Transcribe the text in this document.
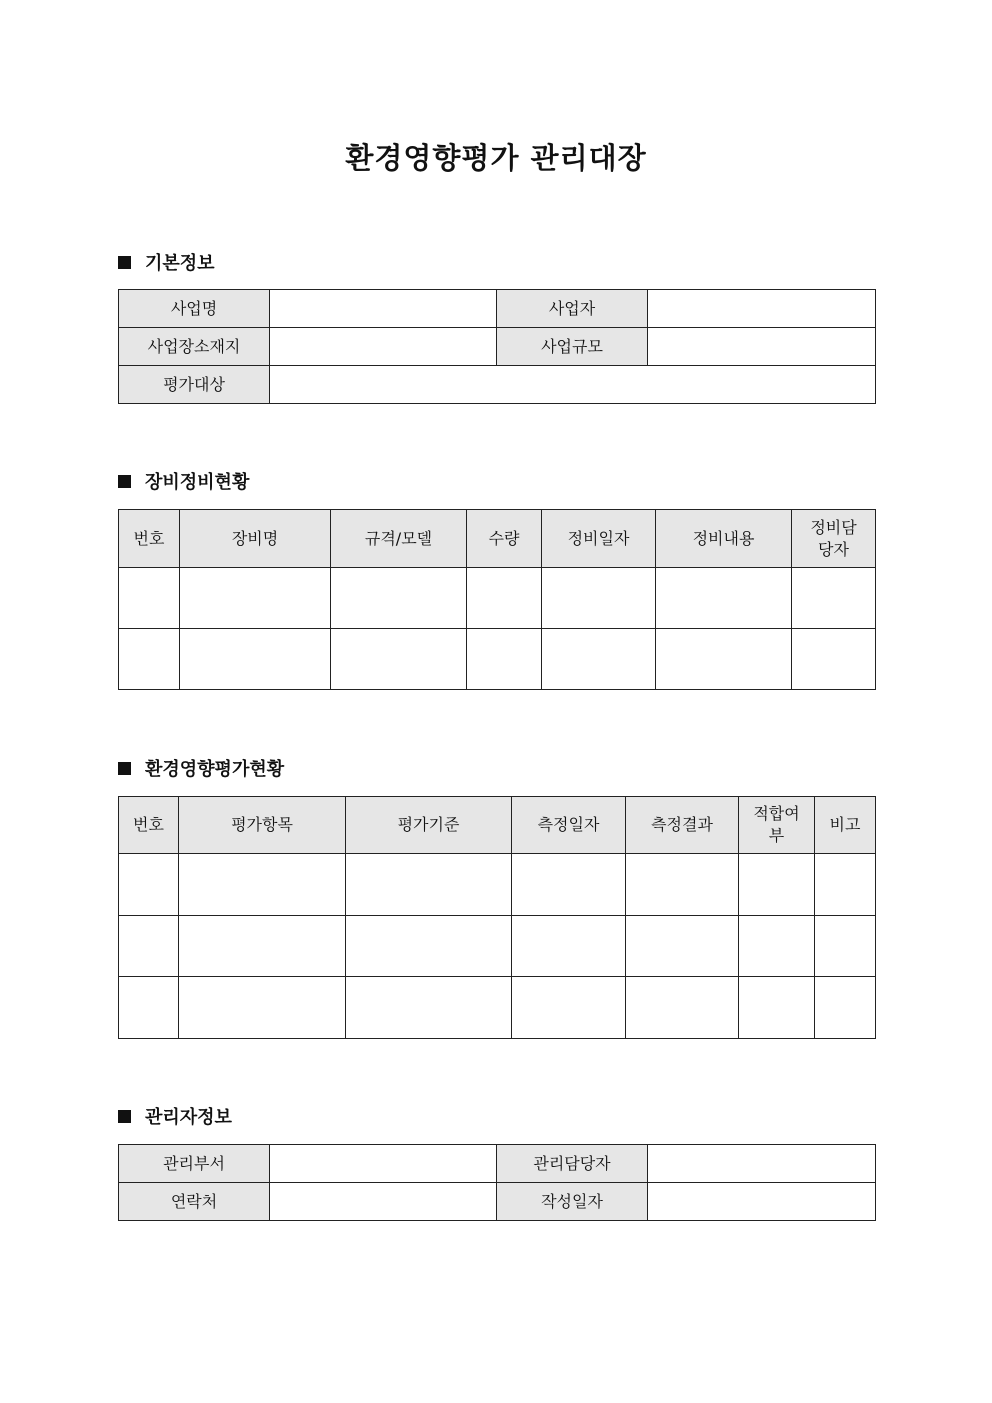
환경영향평가 관리대장
기본정보
사업명		사업자	
사업장소재지		사업규모	
평가대상			
장비정비현황
번호	장비명	규격/모델	수량	정비일자	정비내용	정비담당자

환경영향평가현황
번호	평가항목	평가기준	측정일자	측정결과	적합여부	비고

관리자정보
관리부서		관리담당자	
연락처		작성일자	
